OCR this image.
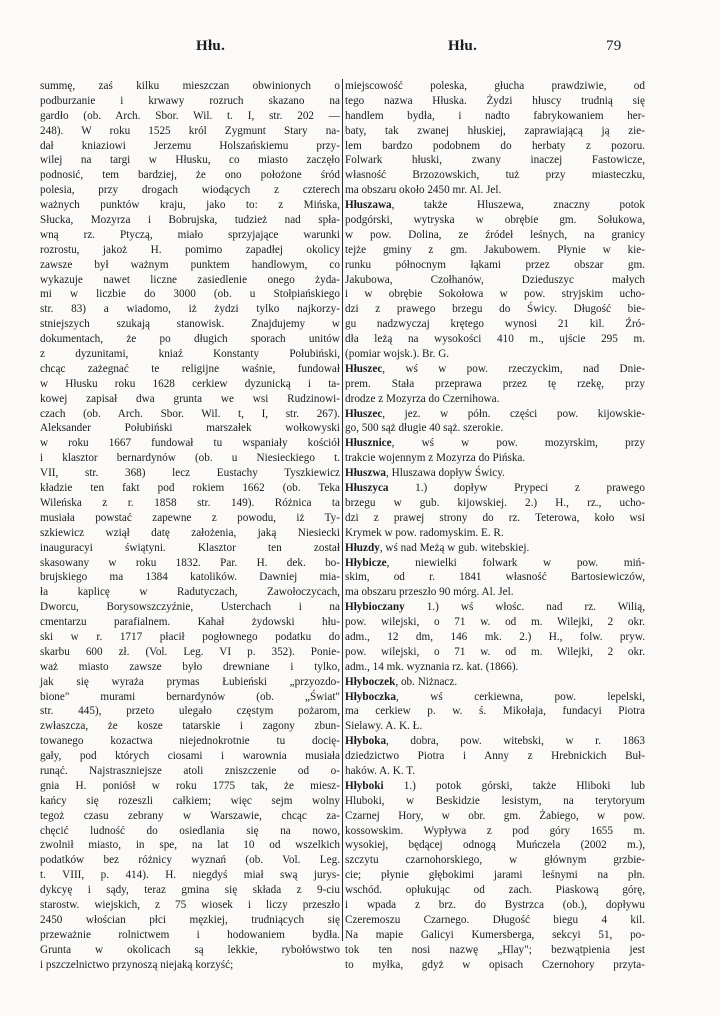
Hłu.	Hłu.	79
summę, zaś kilku mieszczan obwinionych o
podburzanie i krwawy rozruch skazano na
gardło (ob. Arch. Sbor. Wil. t. I, str. 202 —
248). W roku 1525 król Zygmunt Stary na-
dał kniaziowi Jerzemu Holszańskiemu przy-
wilej na targi w Hłusku, co miasto zaczęło
podnosić, tem bardziej, że ono położone śród
polesia, przy drogach wiodących z czterech
ważnych punktów kraju, jako to: z Mińska,
Słucka, Mozyrza i Bobrujska, tudzież nad spła-
wną rz. Ptyczą, miało sprzyjające warunki
rozrostu, jakoż H. pomimo zapadłej okolicy
zawsze był ważnym punktem handlowym, co
wykazuje nawet liczne zasiedlenie onego żyda-
mi w liczbie do 3000 (ob. u Stołpiańskiego
str. 83) a wiadomo, iż żydzi tylko najkorzy-
stniejszych szukają stanowisk. Znajdujemy w
dokumentach, że po długich sporach unitów
z dyzunitami, kniaź Konstanty Połubiński,
chcąc zażegnać te religijne waśnie, fundował
w Hłusku roku 1628 cerkiew dyzunicką i ta-
kowej zapisał dwa grunta we wsi Rudzinowi-
czach (ob. Arch. Sbor. Wil. t, I, str. 267).
Aleksander Połubiński marszałek wołkowyski
w roku 1667 fundował tu wspaniały kościół
i klasztor bernardynów (ob. u Niesieckiego t.
VII, str. 368) lecz Eustachy Tyszkiewicz
kładzie ten fakt pod rokiem 1662 (ob. Teka
Wileńska z r. 1858 str. 149). Różnica ta
musiała powstać zapewne z powodu, iż Ty-
szkiewicz wziął datę założenia, jaką Niesiecki
inauguracyi świątyni. Klasztor ten został
skasowany w roku 1832. Par. H. dek. bo-
brujskiego ma 1384 katolików. Dawniej mia-
ła kaplicę w Radutyczach, Zawołoczycach,
Dworcu, Borysowszczyźnie, Usterchach i na
cmentarzu parafialnem. Kahał żydowski hłu-
ski w r. 1717 płacił pogłownego podatku do
skarbu 600 zł. (Vol. Leg. VI p. 352). Ponie-
waż miasto zawsze było drewniane i tylko,
jak się wyraża prymas Łubieński „przyozdo-
bione" murami bernardynów (ob. „Świat"
str. 445), przeto ulegało częstym pożarom,
zwłaszcza, że kosze tatarskie i zagony zbun-
towanego kozactwa niejednokrotnie tu docię-
gały, pod których ciosami i warownia musiała
runąć. Najstraszniejsze atoli zniszczenie od o-
gnia H. poniósł w roku 1775 tak, że miesz-
kańcy się rozeszli całkiem; więc sejm wolny
tegoż czasu zebrany w Warszawie, chcąc za-
chęcić ludność do osiedlania się na nowo,
zwolnił miasto, in spe, na lat 10 od wszelkich
podatków bez różnicy wyznań (ob. Vol. Leg.
t. VIII, p. 414). H. niegdyś miał swą jurys-
dykcyę i sądy, teraz gmina się składa z 9-ciu
starostw. wiejskich, z 75 wiosek i liczy przeszło
2450 włościan płci męzkiej, trudniących się
przeważnie rolnictwem i hodowaniem bydła.
Grunta w okolicach są lekkie, rybołówstwo
i pszczelnictwo przynoszą niejaką korzyść;
miejscowość poleska, głucha prawdziwie, od
tego nazwa Hłuska. Żydzi hłuscy trudnią się
handlem bydła, i nadto fabrykowaniem her-
baty, tak zwanej hłuskiej, zaprawiającą ją zie-
lem bardzo podobnem do herbaty z pozoru.
Folwark hłuski, zwany inaczej Fastowicze,
własność Brzozowskich, tuż przy miasteczku,
ma obszaru około 2450 mr. Al. Jel.
Hłuszawa, także Hluszewa, znaczny potok
podgórski, wytryska w obrębie gm. Sołukowa,
w pow. Dolina, ze źródeł leśnych, na granicy
tejże gminy z gm. Jakubowem. Płynie w kie-
runku północnym łąkami przez obszar gm.
Jakubowa, Czołhanów, Dzieduszyc małych
i w obrębie Sokołowa w pow. stryjskim ucho-
dzi z prawego brzegu do Świcy. Długość bie-
gu nadzwyczaj krętego wynosi 21 kil. Źró-
dła leżą na wysokości 410 m., ujście 295 m.
(pomiar wojsk.). Br. G.
Hłuszec, wś w pow. rzeczyckim, nad Dnie-
prem. Stała przeprawa przez tę rzekę, przy
drodze z Mozyrza do Czernihowa.
Hłuszec, jez. w półn. części pow. kijowskie-
go, 500 sąż długie 40 sąż. szerokie.
Hłusznice, wś w pow. mozyrskim, przy
trakcie wojennym z Mozyrza do Pińska.
Hłuszwa, Hluszawa dopływ Świcy.
Hłuszyca 1.) dopływ Prypeci z prawego
brzegu w gub. kijowskiej. 2.) H., rz., ucho-
dzi z prawej strony do rz. Teterowa, koło wsi
Krymek w pow. radomyskim. E. R.
Hłuzdy, wś nad Meżą w gub. witebskiej.
Hłybicze, niewielki folwark w pow. miń-
skim, od r. 1841 własność Bartosiewiczów,
ma obszaru przeszło 90 mórg. Al. Jel.
Hłybioczany 1.) wś włośc. nad rz. Wilią,
pow. wilejski, o 71 w. od m. Wilejki, 2 okr.
adm., 12 dm, 146 mk. 2.) H., folw. pryw.
pow. wilejski, o 71 w. od m. Wilejki, 2 okr.
adm., 14 mk. wyznania rz. kat. (1866).
Hłyboczek, ob. Niżnacz.
Hłyboczka, wś cerkiewna, pow. lepelski,
ma cerkiew p. w. ś. Mikołaja, fundacyi Piotra
Sielawy. A. K. Ł.
Hłyboka, dobra, pow. witebski, w r. 1863
dziedzictwo Piotra i Anny z Hrebnickich Buł-
haków. A. K. T.
Hłyboki 1.) potok górski, także Hliboki lub
Hluboki, w Beskidzie lesistym, na terytoryum
Czarnej Hory, w obr. gm. Żabiego, w pow.
kossowskim. Wypływa z pod góry 1655 m.
wysokiej, będącej odnogą Muńczela (2002 m.),
szczytu czarnohorskiego, w głównym grzbie-
cie; płynie głębokimi jarami leśnymi na płn.
wschód. opłukując od zach. Piaskową górę,
i wpada z brz. do Bystrzca (ob.), dopływu
Czeremoszu Czarnego. Długość biegu 4 kil.
Na mapie Galicyi Kumersberga, sekcyi 51, po-
tok ten nosi nazwę „Hlay"; bezwątpienia jest
to myłka, gdyż w opisach Czernohory przyta-
